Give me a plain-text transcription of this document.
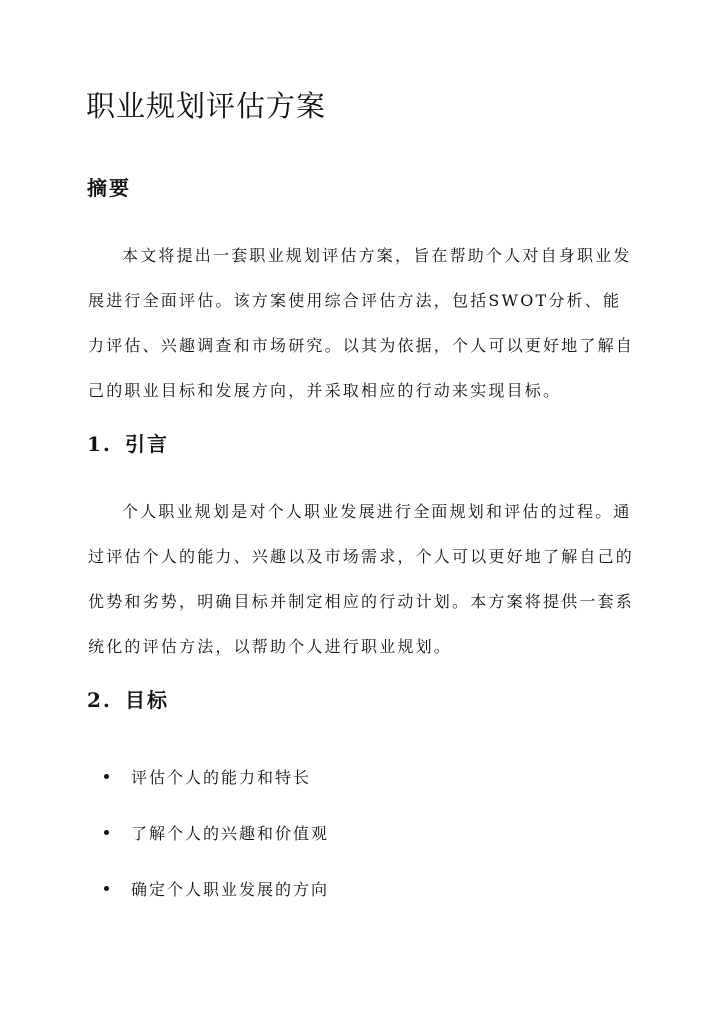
职业规划评估方案
摘要

本文将提出一套职业规划评估方案，旨在帮助个人对自身职业发展进行全面评估。该方案使用综合评估方法，包括SWOT分析、能力评估、兴趣调查和市场研究。以其为依据，个人可以更好地了解自己的职业目标和发展方向，并采取相应的行动来实现目标。

1. 引言

个人职业规划是对个人职业发展进行全面规划和评估的过程。通过评估个人的能力、兴趣以及市场需求，个人可以更好地了解自己的优势和劣势，明确目标并制定相应的行动计划。本方案将提供一套系统化的评估方法，以帮助个人进行职业规划。

2. 目标
评估个人的能力和特长
了解个人的兴趣和价值观
确定个人职业发展的方向
